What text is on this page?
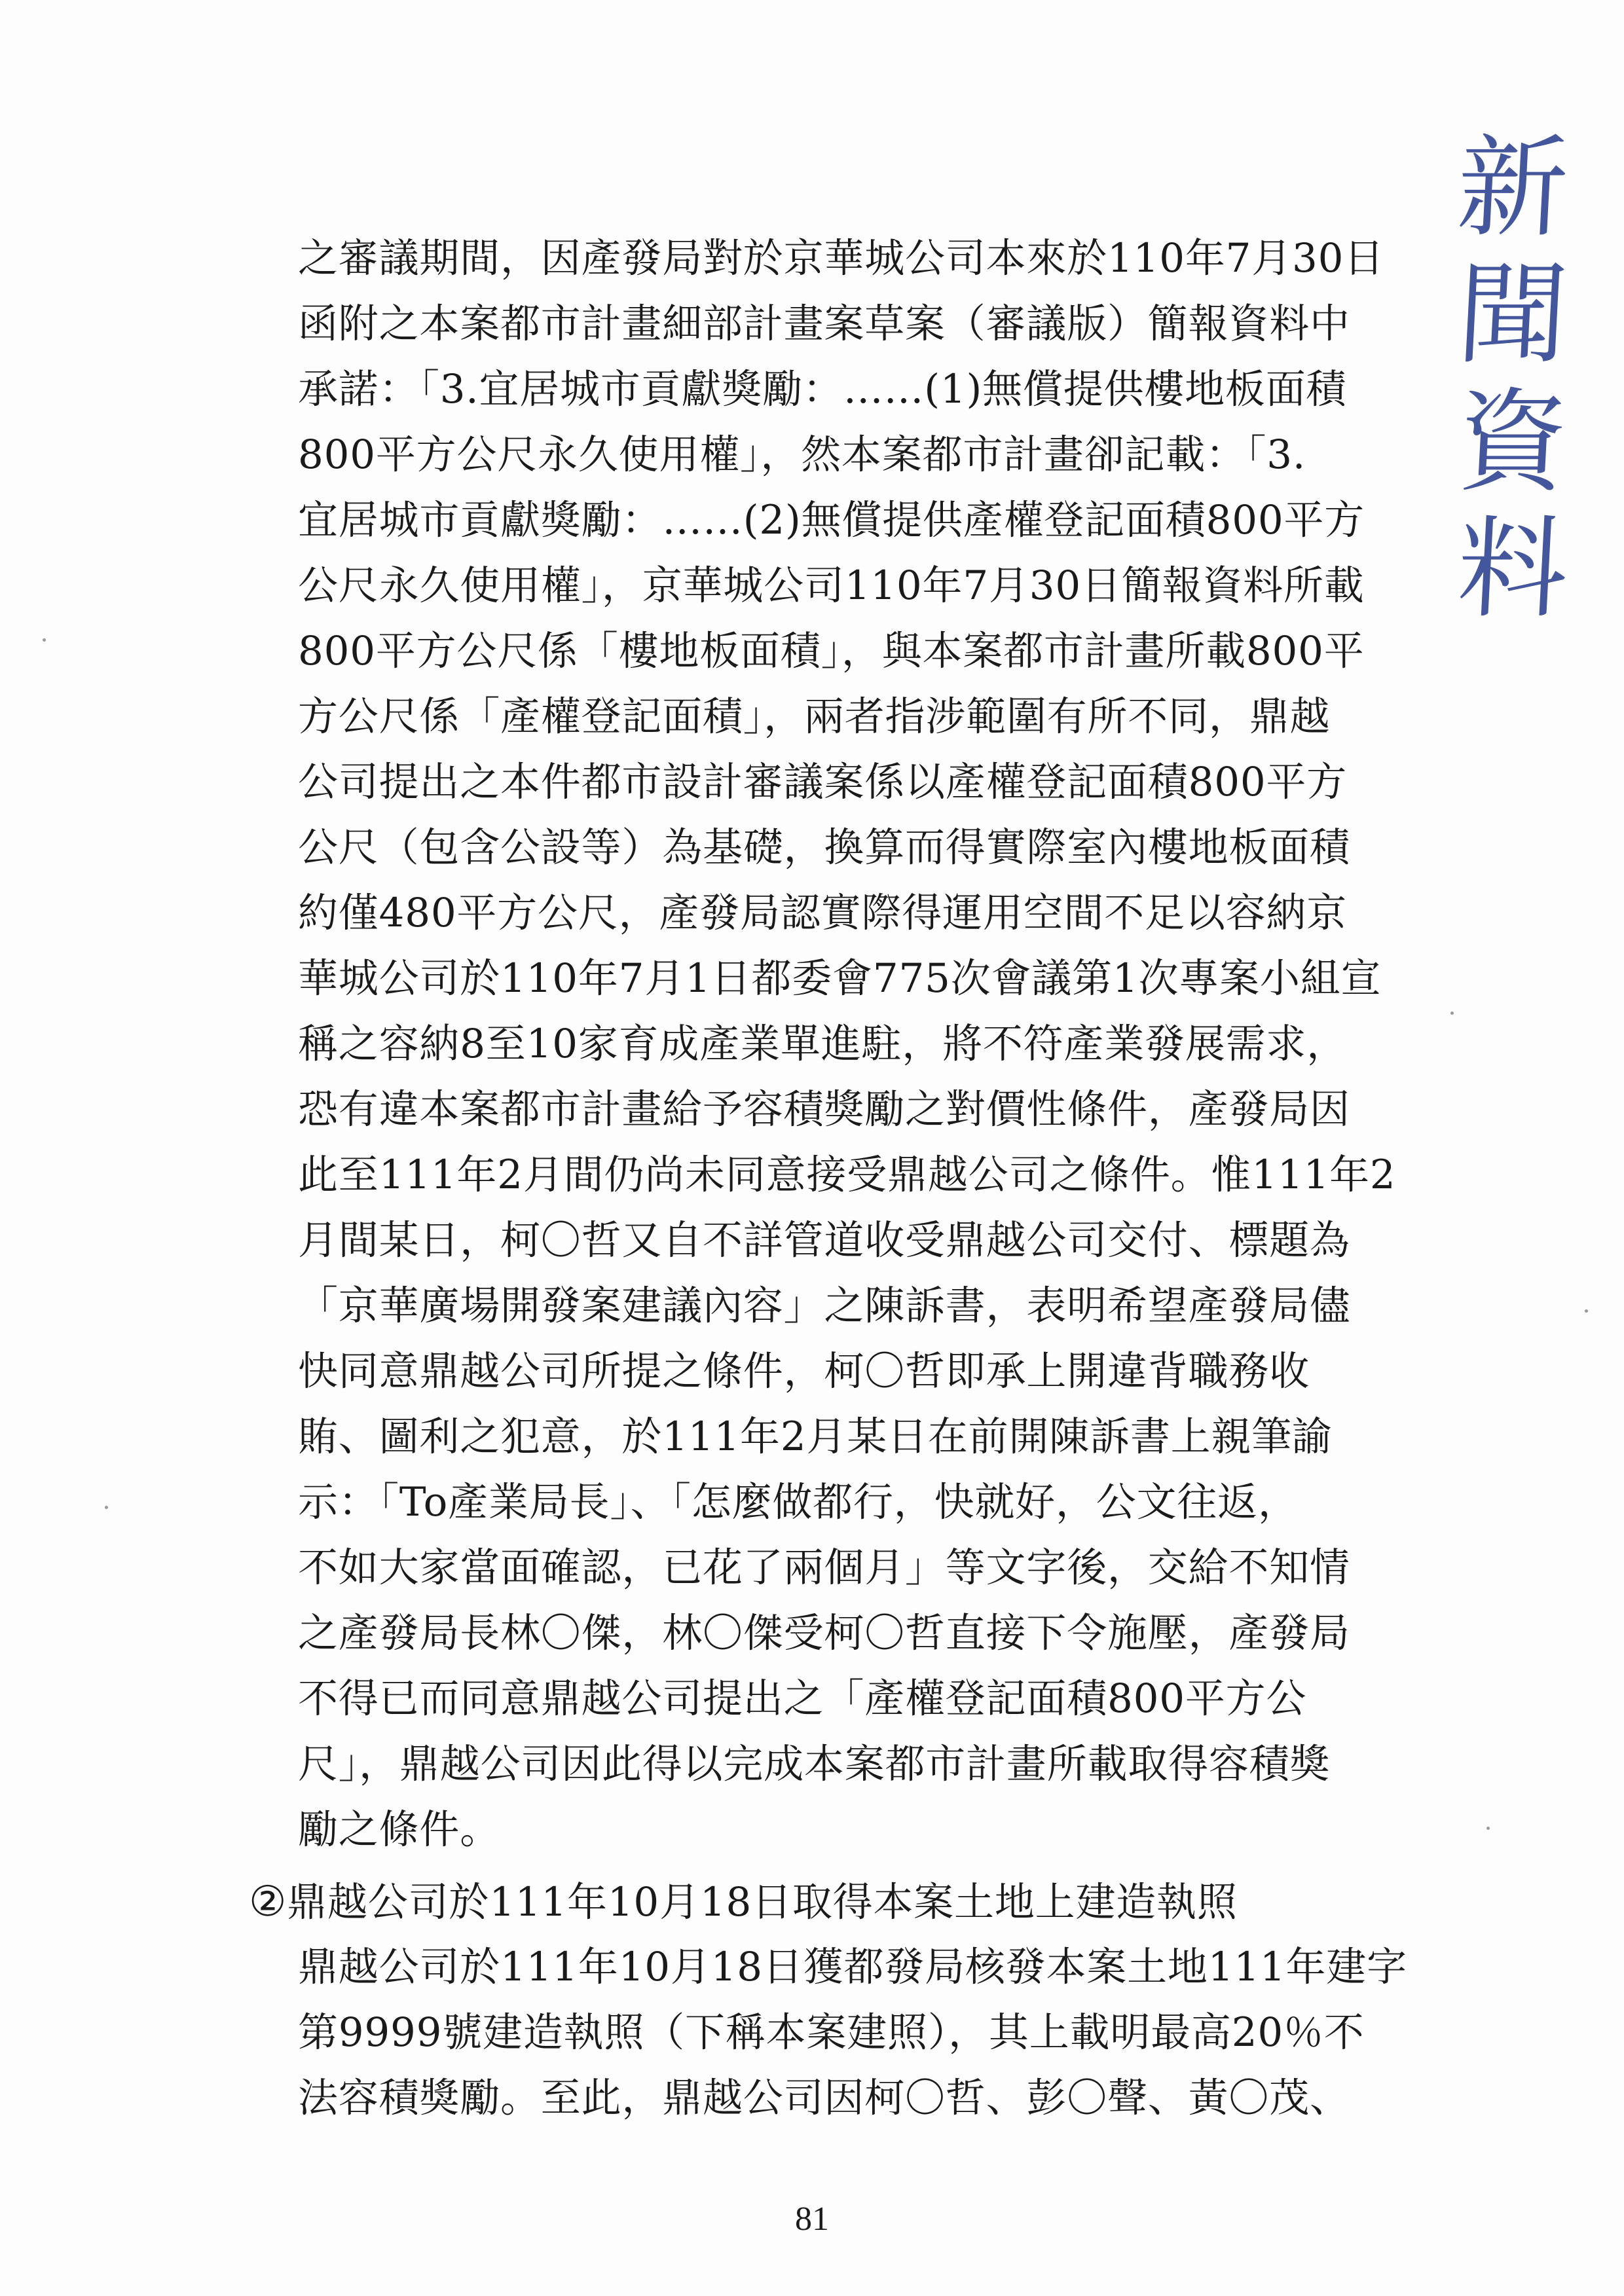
新
聞
資
料
之審議期間，因產發局對於京華城公司本來於110年7月30日
函附之本案都市計畫細部計畫案草案（審議版）簡報資料中
承諾：「3.宜居城市貢獻獎勵：……(1)無償提供樓地板面積
800平方公尺永久使用權」，然本案都市計畫卻記載：「3.
宜居城市貢獻獎勵：……(2)無償提供產權登記面積800平方
公尺永久使用權」，京華城公司110年7月30日簡報資料所載
800平方公尺係「樓地板面積」，與本案都市計畫所載800平
方公尺係「產權登記面積」，兩者指涉範圍有所不同，鼎越
公司提出之本件都市設計審議案係以產權登記面積800平方
公尺（包含公設等）為基礎，換算而得實際室內樓地板面積
約僅480平方公尺，產發局認實際得運用空間不足以容納京
華城公司於110年7月1日都委會775次會議第1次專案小組宣
稱之容納8至10家育成產業單進駐，將不符產業發展需求，
恐有違本案都市計畫給予容積獎勵之對價性條件，產發局因
此至111年2月間仍尚未同意接受鼎越公司之條件。惟111年2
月間某日，柯〇哲又自不詳管道收受鼎越公司交付、標題為
「京華廣場開發案建議內容」之陳訴書，表明希望產發局儘
快同意鼎越公司所提之條件，柯〇哲即承上開違背職務收
賄、圖利之犯意，於111年2月某日在前開陳訴書上親筆諭
示：「To產業局長」、「怎麼做都行，快就好，公文往返，
不如大家當面確認，已花了兩個月」等文字後，交給不知情
之產發局長林〇傑，林〇傑受柯〇哲直接下令施壓，產發局
不得已而同意鼎越公司提出之「產權登記面積800平方公
尺」，鼎越公司因此得以完成本案都市計畫所載取得容積獎
勵之條件。
②鼎越公司於111年10月18日取得本案土地上建造執照
鼎越公司於111年10月18日獲都發局核發本案土地111年建字
第9999號建造執照（下稱本案建照），其上載明最高20％不
法容積獎勵。至此，鼎越公司因柯〇哲、彭〇聲、黃〇茂、
81
